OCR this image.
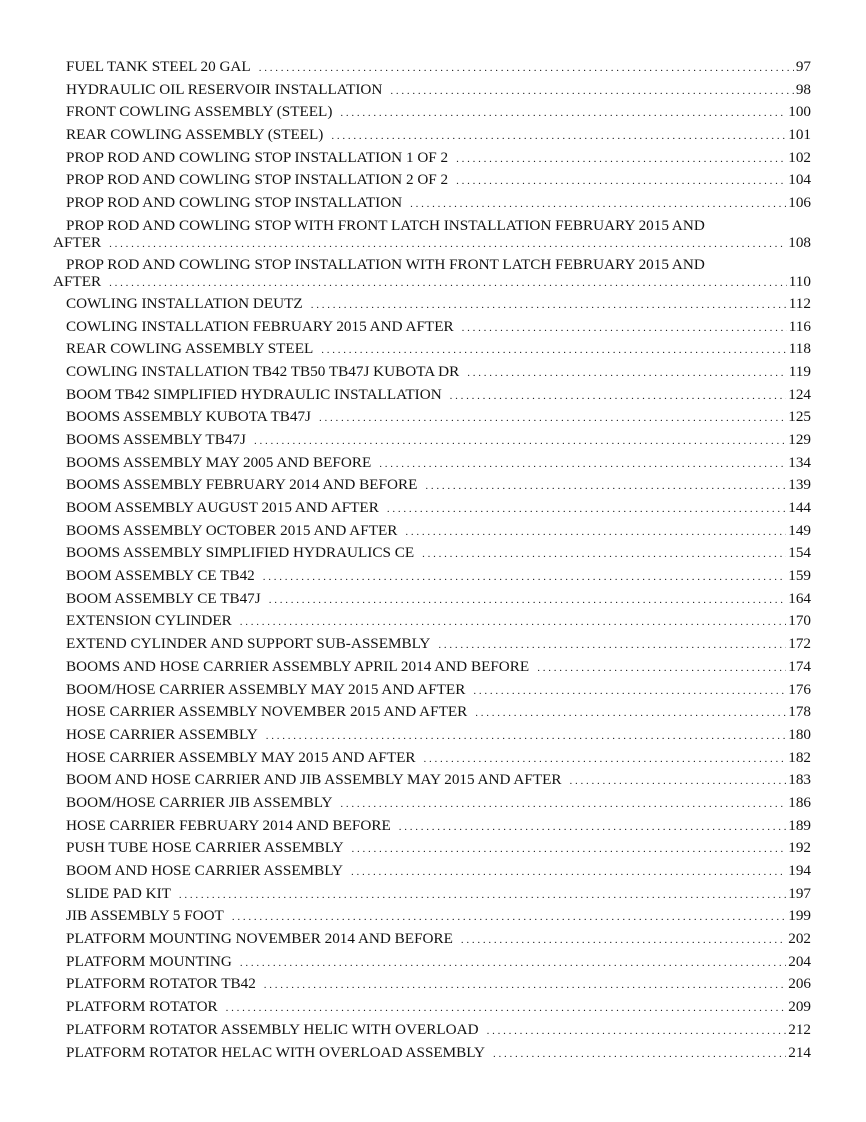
FUEL TANK STEEL 20 GAL . . .	97
HYDRAULIC OIL RESERVOIR INSTALLATION . . .	98
FRONT COWLING ASSEMBLY (STEEL) . . .	100
REAR COWLING ASSEMBLY (STEEL) . . .	101
PROP ROD AND COWLING STOP INSTALLATION 1 OF 2 . . .	102
PROP ROD AND COWLING STOP INSTALLATION 2 OF 2 . . .	104
PROP ROD AND COWLING STOP INSTALLATION . . .	106
PROP ROD AND COWLING STOP WITH FRONT LATCH INSTALLATION FEBRUARY 2015 AND
AFTER . . .	108
PROP ROD AND COWLING STOP INSTALLATION WITH FRONT LATCH FEBRUARY 2015 AND
AFTER . . .	110
COWLING INSTALLATION DEUTZ . . .	112
COWLING INSTALLATION FEBRUARY 2015 AND AFTER . . .	116
REAR COWLING ASSEMBLY STEEL . . .	118
COWLING INSTALLATION TB42 TB50 TB47J KUBOTA DR . . .	119
BOOM TB42 SIMPLIFIED HYDRAULIC INSTALLATION . . .	124
BOOMS ASSEMBLY KUBOTA TB47J . . .	125
BOOMS ASSEMBLY TB47J . . .	129
BOOMS ASSEMBLY MAY 2005 AND BEFORE . . .	134
BOOMS ASSEMBLY FEBRUARY 2014 AND BEFORE . . .	139
BOOM ASSEMBLY AUGUST 2015 AND AFTER . . .	144
BOOMS ASSEMBLY OCTOBER 2015 AND AFTER . . .	149
BOOMS ASSEMBLY SIMPLIFIED HYDRAULICS CE . . .	154
BOOM ASSEMBLY CE TB42 . . .	159
BOOM ASSEMBLY CE TB47J . . .	164
EXTENSION CYLINDER . . .	170
EXTEND CYLINDER AND SUPPORT SUB-ASSEMBLY . . .	172
BOOMS AND HOSE CARRIER ASSEMBLY APRIL 2014 AND BEFORE . . .	174
BOOM/HOSE CARRIER ASSEMBLY MAY 2015 AND AFTER . . .	176
HOSE CARRIER ASSEMBLY NOVEMBER 2015 AND AFTER . . .	178
HOSE CARRIER ASSEMBLY . . .	180
HOSE CARRIER ASSEMBLY MAY 2015 AND AFTER . . .	182
BOOM AND HOSE CARRIER AND JIB ASSEMBLY MAY 2015 AND AFTER . . .	183
BOOM/HOSE CARRIER JIB ASSEMBLY . . .	186
HOSE CARRIER FEBRUARY 2014 AND BEFORE . . .	189
PUSH TUBE HOSE CARRIER ASSEMBLY . . .	192
BOOM AND HOSE CARRIER ASSEMBLY . . .	194
SLIDE PAD KIT . . .	197
JIB ASSEMBLY 5 FOOT . . .	199
PLATFORM MOUNTING NOVEMBER 2014 AND BEFORE . . .	202
PLATFORM MOUNTING . . .	204
PLATFORM ROTATOR TB42 . . .	206
PLATFORM ROTATOR . . .	209
PLATFORM ROTATOR ASSEMBLY HELIC WITH OVERLOAD . . .	212
PLATFORM ROTATOR HELAC WITH OVERLOAD ASSEMBLY . . .	214
